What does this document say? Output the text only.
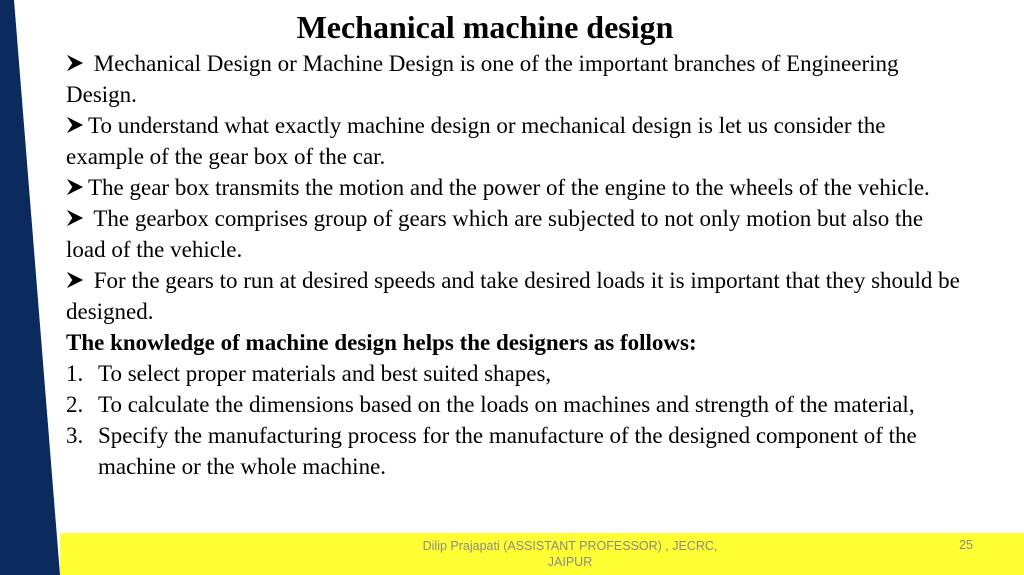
Mechanical machine design

Mechanical Design or Machine Design is one of the important branches of Engineering Design.

To understand what exactly machine design or mechanical design is let us consider the example of the gear box of the car.

The gear box transmits the motion and the power of the engine to the wheels of the vehicle.

The gearbox comprises group of gears which are subjected to not only motion but also the load of the vehicle.

For the gears to run at desired speeds and take desired loads it is important that they should be designed.

The knowledge of machine design helps the designers as follows:

1. To select proper materials and best suited shapes,
2. To calculate the dimensions based on the loads on machines and strength of the material,
3. Specify the manufacturing process for the manufacture of the designed component of the machine or the whole machine.
Dilip Prajapati (ASSISTANT PROFESSOR) , JECRC, JAIPUR
25
